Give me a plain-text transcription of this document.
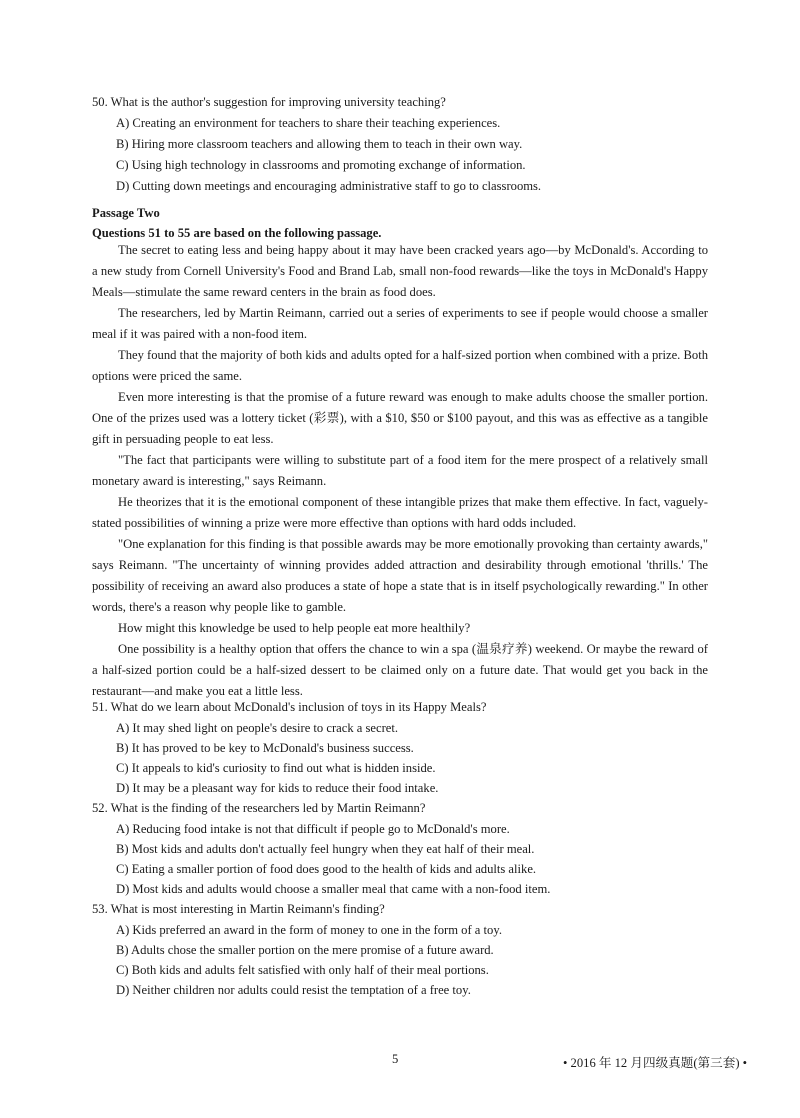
50. What is the author's suggestion for improving university teaching?
A) Creating an environment for teachers to share their teaching experiences.
B) Hiring more classroom teachers and allowing them to teach in their own way.
C) Using high technology in classrooms and promoting exchange of information.
D) Cutting down meetings and encouraging administrative staff to go to classrooms.
Passage Two
Questions 51 to 55 are based on the following passage.

The secret to eating less and being happy about it may have been cracked years ago—by McDonald's. According to a new study from Cornell University's Food and Brand Lab, small non-food rewards—like the toys in McDonald's Happy Meals—stimulate the same reward centers in the brain as food does.

The researchers, led by Martin Reimann, carried out a series of experiments to see if people would choose a smaller meal if it was paired with a non-food item.

They found that the majority of both kids and adults opted for a half-sized portion when combined with a prize. Both options were priced the same.

Even more interesting is that the promise of a future reward was enough to make adults choose the smaller portion. One of the prizes used was a lottery ticket (彩票), with a $10, $50 or $100 payout, and this was as effective as a tangible gift in persuading people to eat less.

"The fact that participants were willing to substitute part of a food item for the mere prospect of a relatively small monetary award is interesting," says Reimann.

He theorizes that it is the emotional component of these intangible prizes that make them effective. In fact, vaguely-stated possibilities of winning a prize were more effective than options with hard odds included.

"One explanation for this finding is that possible awards may be more emotionally provoking than certainty awards," says Reimann. "The uncertainty of winning provides added attraction and desirability through emotional 'thrills.' The possibility of receiving an award also produces a state of hope a state that is in itself psychologically rewarding." In other words, there's a reason why people like to gamble.

How might this knowledge be used to help people eat more healthily?

One possibility is a healthy option that offers the chance to win a spa (温泉疗养) weekend. Or maybe the reward of a half-sized portion could be a half-sized dessert to be claimed only on a future date. That would get you back in the restaurant—and make you eat a little less.

51. What do we learn about McDonald's inclusion of toys in its Happy Meals?
A) It may shed light on people's desire to crack a secret.
B) It has proved to be key to McDonald's business success.
C) It appeals to kid's curiosity to find out what is hidden inside.
D) It may be a pleasant way for kids to reduce their food intake.
52. What is the finding of the researchers led by Martin Reimann?
A) Reducing food intake is not that difficult if people go to McDonald's more.
B) Most kids and adults don't actually feel hungry when they eat half of their meal.
C) Eating a smaller portion of food does good to the health of kids and adults alike.
D) Most kids and adults would choose a smaller meal that came with a non-food item.
53. What is most interesting in Martin Reimann's finding?
A) Kids preferred an award in the form of money to one in the form of a toy.
B) Adults chose the smaller portion on the mere promise of a future award.
C) Both kids and adults felt satisfied with only half of their meal portions.
D) Neither children nor adults could resist the temptation of a free toy.
5	• 2016 年 12 月四级真题(第三套) •
